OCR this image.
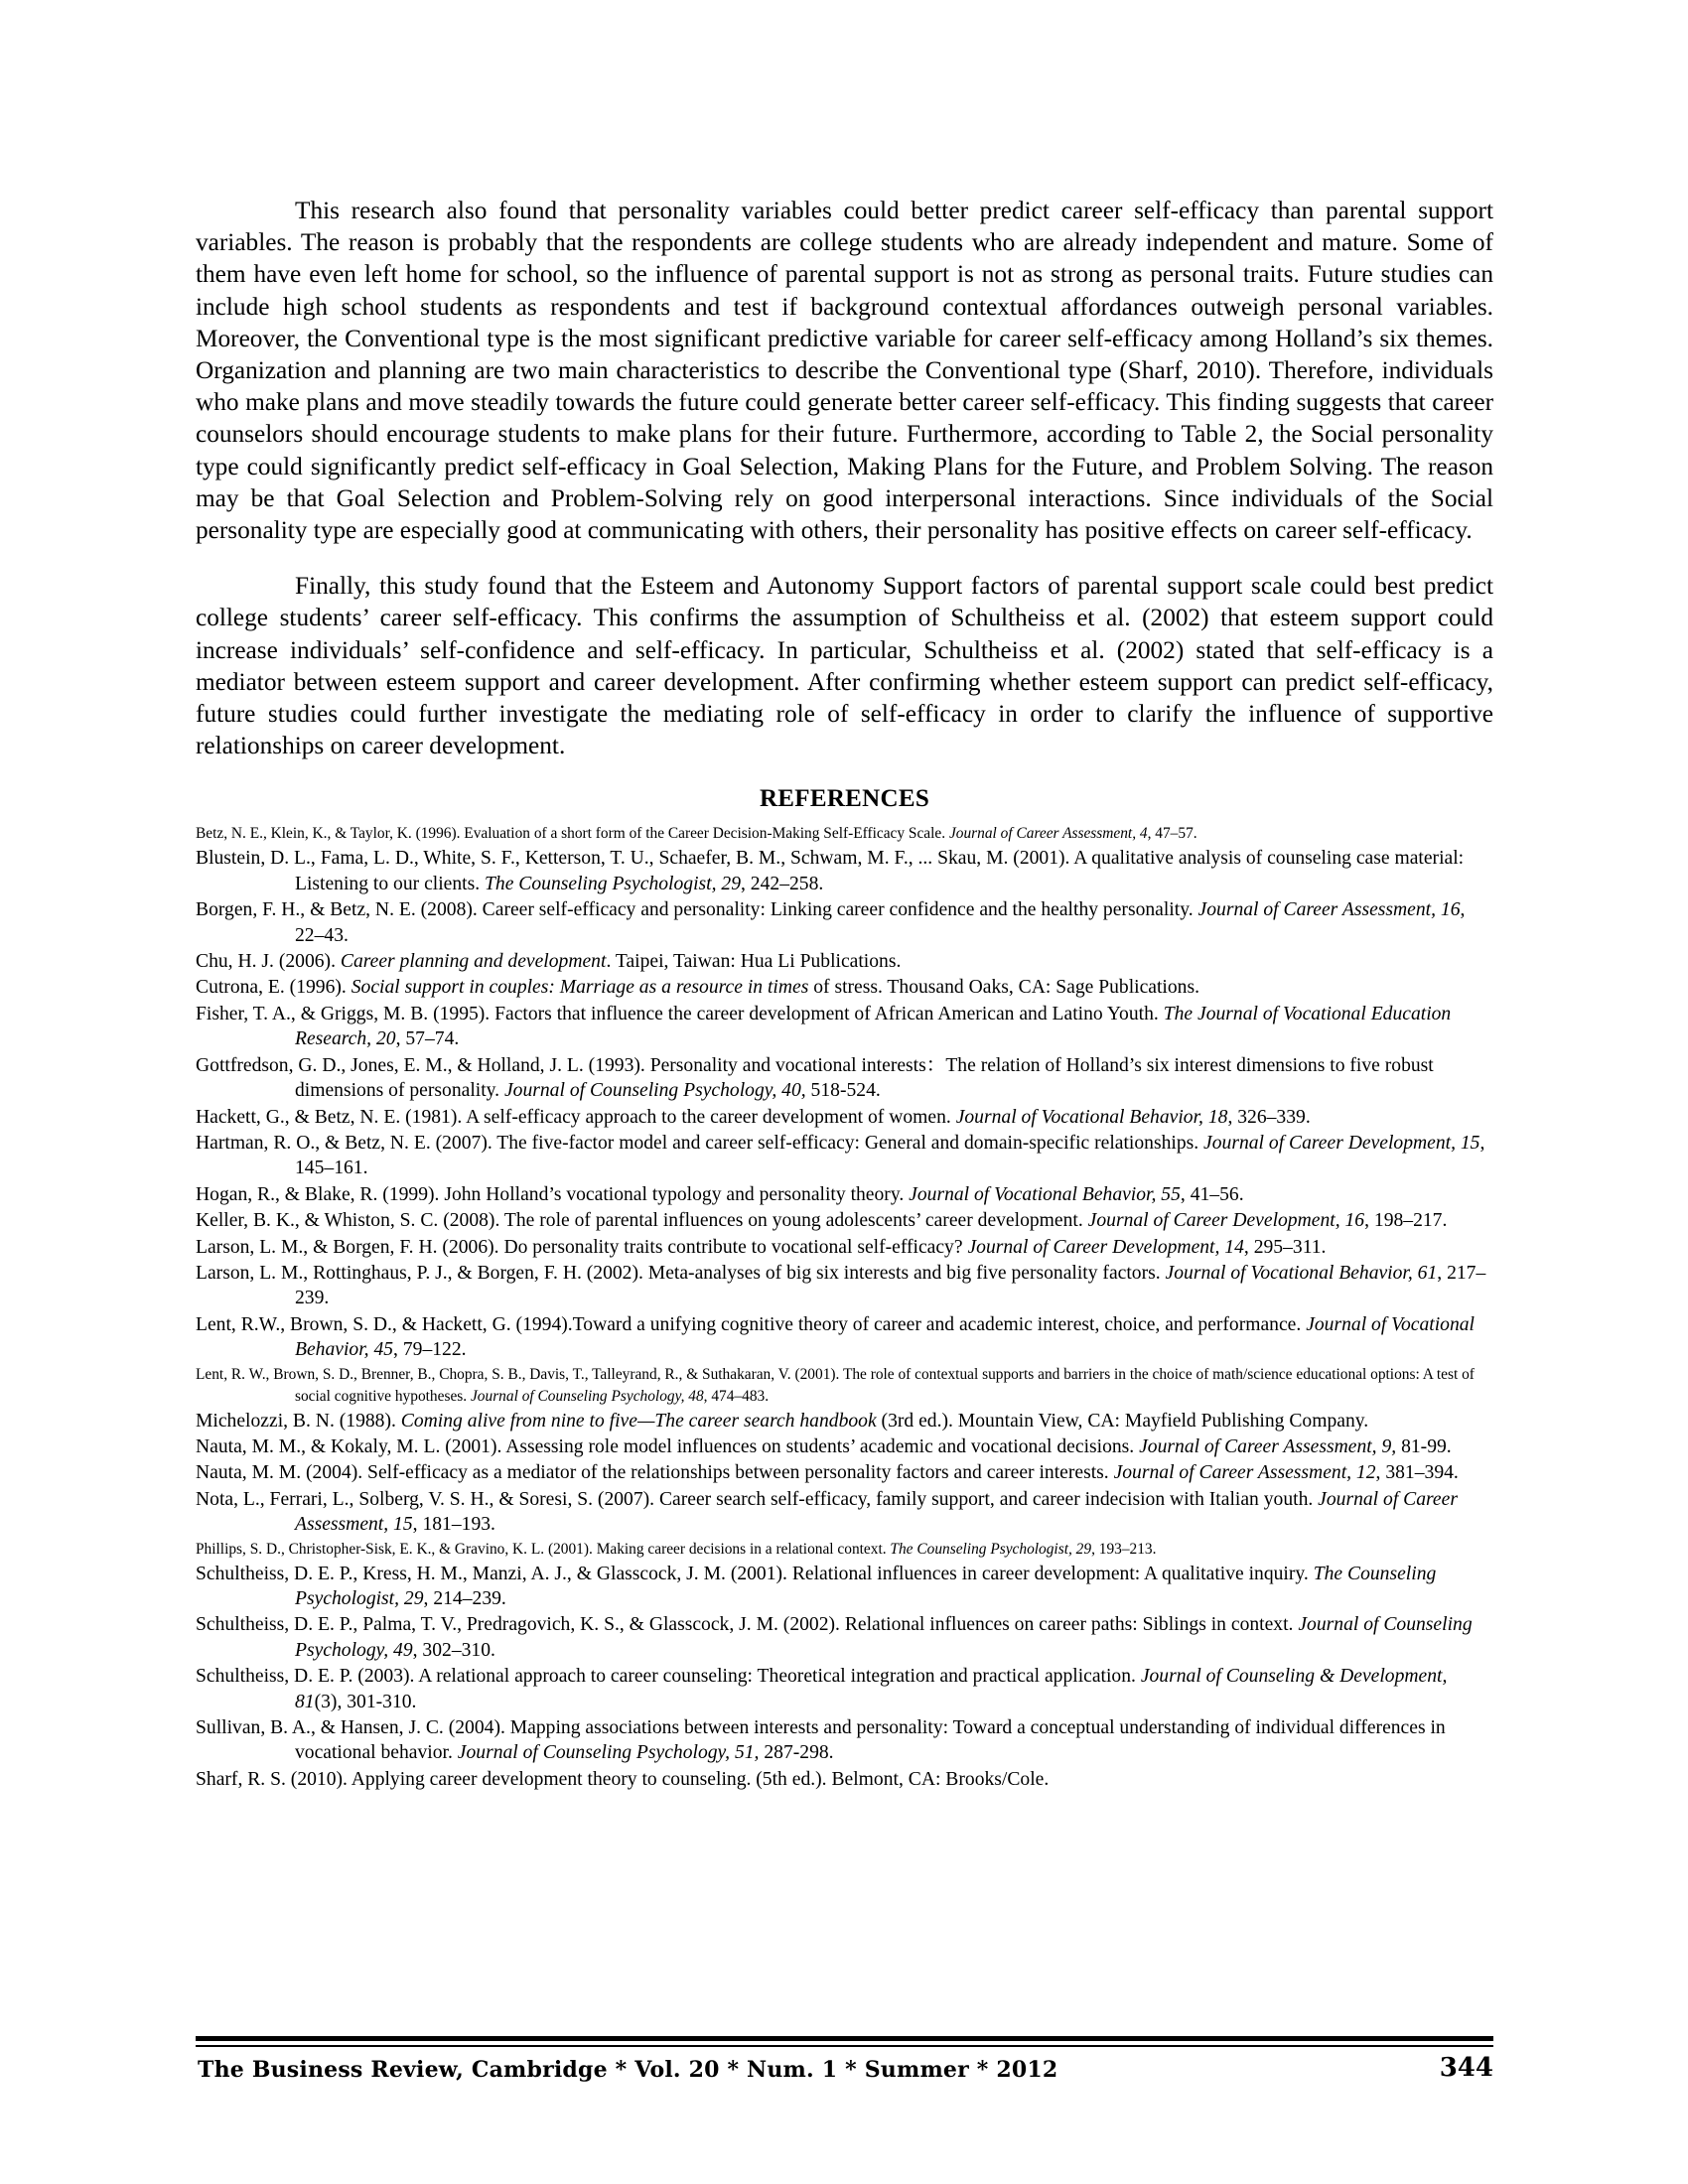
This research also found that personality variables could better predict career self-efficacy than parental support variables. The reason is probably that the respondents are college students who are already independent and mature. Some of them have even left home for school, so the influence of parental support is not as strong as personal traits. Future studies can include high school students as respondents and test if background contextual affordances outweigh personal variables. Moreover, the Conventional type is the most significant predictive variable for career self-efficacy among Holland’s six themes. Organization and planning are two main characteristics to describe the Conventional type (Sharf, 2010). Therefore, individuals who make plans and move steadily towards the future could generate better career self-efficacy. This finding suggests that career counselors should encourage students to make plans for their future. Furthermore, according to Table 2, the Social personality type could significantly predict self-efficacy in Goal Selection, Making Plans for the Future, and Problem Solving. The reason may be that Goal Selection and Problem-Solving rely on good interpersonal interactions. Since individuals of the Social personality type are especially good at communicating with others, their personality has positive effects on career self-efficacy.

Finally, this study found that the Esteem and Autonomy Support factors of parental support scale could best predict college students’ career self-efficacy. This confirms the assumption of Schultheiss et al. (2002) that esteem support could increase individuals’ self-confidence and self-efficacy. In particular, Schultheiss et al. (2002) stated that self-efficacy is a mediator between esteem support and career development. After confirming whether esteem support can predict self-efficacy, future studies could further investigate the mediating role of self-efficacy in order to clarify the influence of supportive relationships on career development.

REFERENCES
Betz, N. E., Klein, K., & Taylor, K. (1996). Evaluation of a short form of the Career Decision-Making Self-Efficacy Scale. Journal of Career Assessment, 4, 47–57.
Blustein, D. L., Fama, L. D., White, S. F., Ketterson, T. U., Schaefer, B. M., Schwam, M. F., ... Skau, M. (2001). A qualitative analysis of counseling case material: Listening to our clients. The Counseling Psychologist, 29, 242–258.
Borgen, F. H., & Betz, N. E. (2008). Career self-efficacy and personality: Linking career confidence and the healthy personality. Journal of Career Assessment, 16, 22–43.
Chu, H. J. (2006). Career planning and development. Taipei, Taiwan: Hua Li Publications.
Cutrona, E. (1996). Social support in couples: Marriage as a resource in times of stress. Thousand Oaks, CA: Sage Publications.
Fisher, T. A., & Griggs, M. B. (1995). Factors that influence the career development of African American and Latino Youth. The Journal of Vocational Education Research, 20, 57–74.
Gottfredson, G. D., Jones, E. M., & Holland, J. L. (1993). Personality and vocational interests：The relation of Holland’s six interest dimensions to five robust dimensions of personality. Journal of Counseling Psychology, 40, 518-524.
Hackett, G., & Betz, N. E. (1981). A self-efficacy approach to the career development of women. Journal of Vocational Behavior, 18, 326–339.
Hartman, R. O., & Betz, N. E. (2007). The five-factor model and career self-efficacy: General and domain-specific relationships. Journal of Career Development, 15, 145–161.
Hogan, R., & Blake, R. (1999). John Holland’s vocational typology and personality theory. Journal of Vocational Behavior, 55, 41–56.
Keller, B. K., & Whiston, S. C. (2008). The role of parental influences on young adolescents’ career development. Journal of Career Development, 16, 198–217.
Larson, L. M., & Borgen, F. H. (2006). Do personality traits contribute to vocational self-efficacy? Journal of Career Development, 14, 295–311.
Larson, L. M., Rottinghaus, P. J., & Borgen, F. H. (2002). Meta-analyses of big six interests and big five personality factors. Journal of Vocational Behavior, 61, 217–239.
Lent, R.W., Brown, S. D., & Hackett, G. (1994).Toward a unifying cognitive theory of career and academic interest, choice, and performance. Journal of Vocational Behavior, 45, 79–122.
Lent, R. W., Brown, S. D., Brenner, B., Chopra, S. B., Davis, T., Talleyrand, R., & Suthakaran, V. (2001). The role of contextual supports and barriers in the choice of math/science educational options: A test of social cognitive hypotheses. Journal of Counseling Psychology, 48, 474–483.
Michelozzi, B. N. (1988). Coming alive from nine to five—The career search handbook (3rd ed.). Mountain View, CA: Mayfield Publishing Company.
Nauta, M. M., & Kokaly, M. L. (2001). Assessing role model influences on students’ academic and vocational decisions. Journal of Career Assessment, 9, 81-99.
Nauta, M. M. (2004). Self-efficacy as a mediator of the relationships between personality factors and career interests. Journal of Career Assessment, 12, 381–394.
Nota, L., Ferrari, L., Solberg, V. S. H., & Soresi, S. (2007). Career search self-efficacy, family support, and career indecision with Italian youth. Journal of Career Assessment, 15, 181–193.
Phillips, S. D., Christopher-Sisk, E. K., & Gravino, K. L. (2001). Making career decisions in a relational context. The Counseling Psychologist, 29, 193–213.
Schultheiss, D. E. P., Kress, H. M., Manzi, A. J., & Glasscock, J. M. (2001). Relational influences in career development: A qualitative inquiry. The Counseling Psychologist, 29, 214–239.
Schultheiss, D. E. P., Palma, T. V., Predragovich, K. S., & Glasscock, J. M. (2002). Relational influences on career paths: Siblings in context. Journal of Counseling Psychology, 49, 302–310.
Schultheiss, D. E. P. (2003). A relational approach to career counseling: Theoretical integration and practical application. Journal of Counseling & Development, 81(3), 301-310.
Sullivan, B. A., & Hansen, J. C. (2004). Mapping associations between interests and personality: Toward a conceptual understanding of individual differences in vocational behavior. Journal of Counseling Psychology, 51, 287-298.
Sharf, R. S. (2010). Applying career development theory to counseling. (5th ed.). Belmont, CA: Brooks/Cole.
The Business Review, Cambridge * Vol. 20 * Num. 1 * Summer * 2012	344
